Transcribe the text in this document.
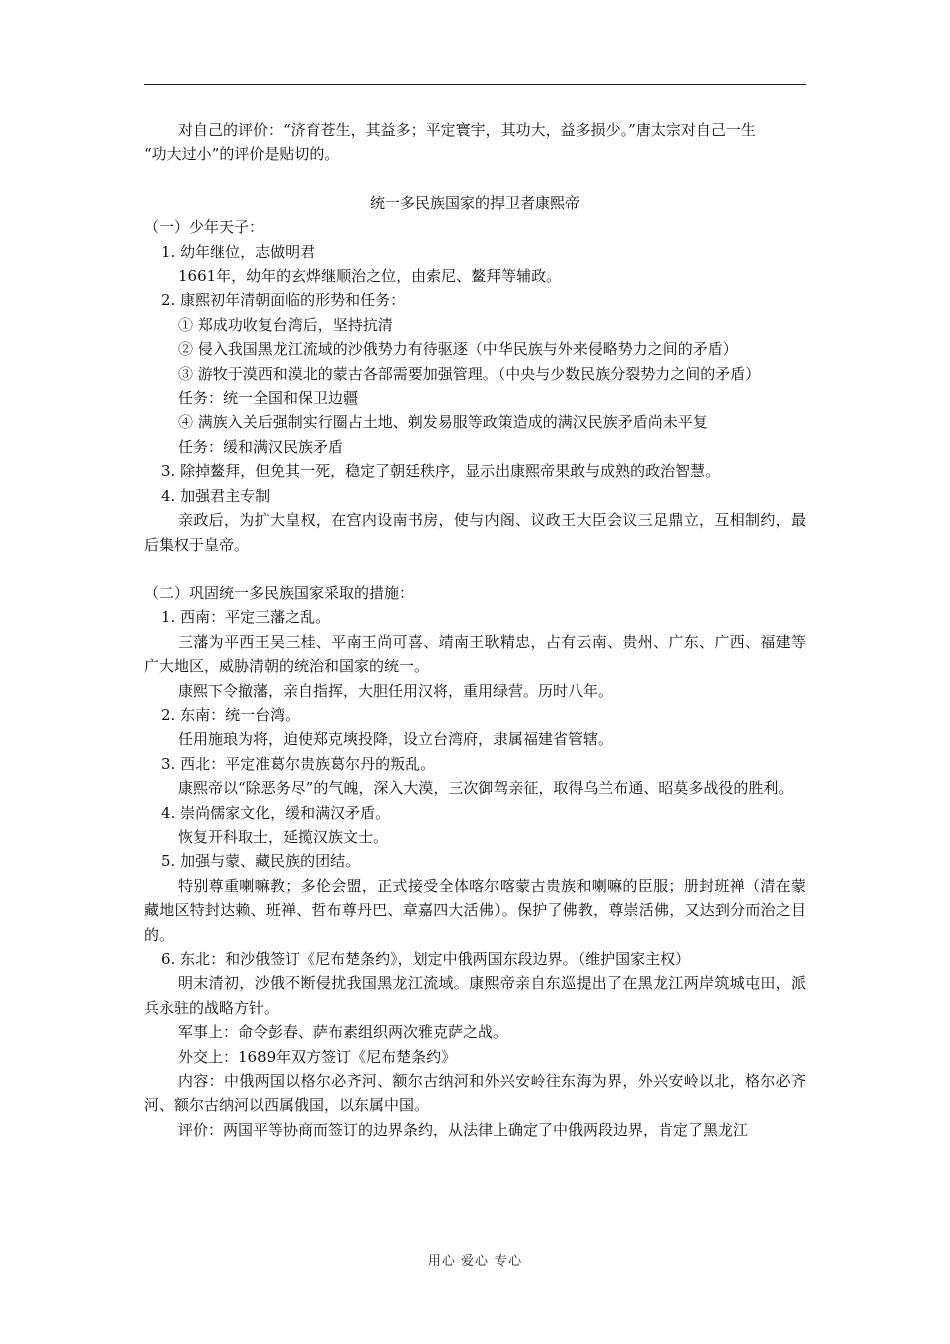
对自己的评价：“济育苍生，其益多；平定寰宇，其功大，益多损少。”唐太宗对自己一生

“功大过小”的评价是贴切的。

统一多民族国家的捍卫者康熙帝

（一）少年天子：

1. 幼年继位，志做明君

1661年，幼年的玄烨继顺治之位，由索尼、鳌拜等辅政。

2. 康熙初年清朝面临的形势和任务：

① 郑成功收复台湾后，坚持抗清

② 侵入我国黑龙江流域的沙俄势力有待驱逐（中华民族与外来侵略势力之间的矛盾）

③ 游牧于漠西和漠北的蒙古各部需要加强管理。（中央与少数民族分裂势力之间的矛盾）

任务：统一全国和保卫边疆

④ 满族入关后强制实行圈占土地、剃发易服等政策造成的满汉民族矛盾尚未平复

任务：缓和满汉民族矛盾

3. 除掉鳌拜，但免其一死，稳定了朝廷秩序，显示出康熙帝果敢与成熟的政治智慧。

4. 加强君主专制

亲政后，为扩大皇权，在宫内设南书房，使与内阁、议政王大臣会议三足鼎立，互相制约，最后集权于皇帝。

（二）巩固统一多民族国家采取的措施：

1. 西南：平定三藩之乱。

三藩为平西王吴三桂、平南王尚可喜、靖南王耿精忠，占有云南、贵州、广东、广西、福建等广大地区，威胁清朝的统治和国家的统一。

康熙下令撤藩，亲自指挥，大胆任用汉将，重用绿营。历时八年。

2. 东南：统一台湾。

任用施琅为将，迫使郑克塽投降，设立台湾府，隶属福建省管辖。

3. 西北：平定准葛尔贵族葛尔丹的叛乱。

康熙帝以“除恶务尽”的气魄，深入大漠，三次御驾亲征，取得乌兰布通、昭莫多战役的胜利。

4. 崇尚儒家文化，缓和满汉矛盾。

恢复开科取士，延揽汉族文士。

5. 加强与蒙、藏民族的团结。

特别尊重喇嘛教；多伦会盟，正式接受全体喀尔喀蒙古贵族和喇嘛的臣服；册封班禅（清在蒙藏地区特封达赖、班禅、哲布尊丹巴、章嘉四大活佛）。保护了佛教，尊崇活佛，又达到分而治之目的。

6. 东北：和沙俄签订《尼布楚条约》，划定中俄两国东段边界。（维护国家主权）

明末清初，沙俄不断侵扰我国黑龙江流域。康熙帝亲自东巡提出了在黑龙江两岸筑城屯田，派兵永驻的战略方针。

军事上：命令彭春、萨布素组织两次雅克萨之战。

外交上：1689年双方签订《尼布楚条约》

内容：中俄两国以格尔必齐河、额尔古纳河和外兴安岭往东海为界，外兴安岭以北，格尔必齐河、额尔古纳河以西属俄国，以东属中国。

评价：两国平等协商而签订的边界条约，从法律上确定了中俄两段边界，肯定了黑龙江

用心 爱心 专心
